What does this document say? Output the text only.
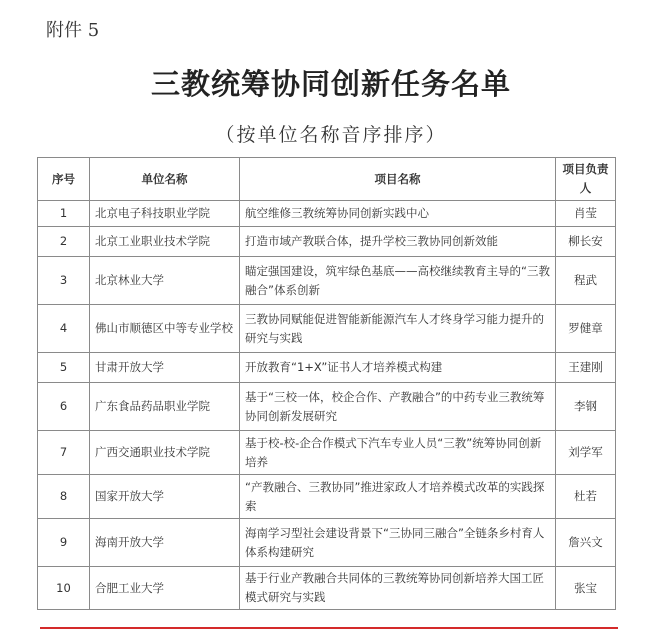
附件 5
三教统筹协同创新任务名单
（按单位名称音序排序）
序号	单位名称	项目名称	项目负责人
1	北京电子科技职业学院	航空维修三教统筹协同创新实践中心	肖莹
2	北京工业职业技术学院	打造市域产教联合体，提升学校三教协同创新效能	柳长安
3	北京林业大学	瞄定强国建设，筑牢绿色基底——高校继续教育主导的“三教融合”体系创新	程武
4	佛山市顺德区中等专业学校	三教协同赋能促进智能新能源汽车人才终身学习能力提升的研究与实践	罗健章
5	甘肃开放大学	开放教育“1+X”证书人才培养模式构建	王建刚
6	广东食品药品职业学院	基于“三校一体，校企合作、产教融合”的中药专业三教统筹协同创新发展研究	李钢
7	广西交通职业技术学院	基于校-校-企合作模式下汽车专业人员“三教”统筹协同创新培养	刘学军
8	国家开放大学	“产教融合、三教协同”推进家政人才培养模式改革的实践探索	杜若
9	海南开放大学	海南学习型社会建设背景下“三协同三融合”全链条乡村育人体系构建研究	詹兴文
10	合肥工业大学	基于行业产教融合共同体的三教统筹协同创新培养大国工匠模式研究与实践	张宝
